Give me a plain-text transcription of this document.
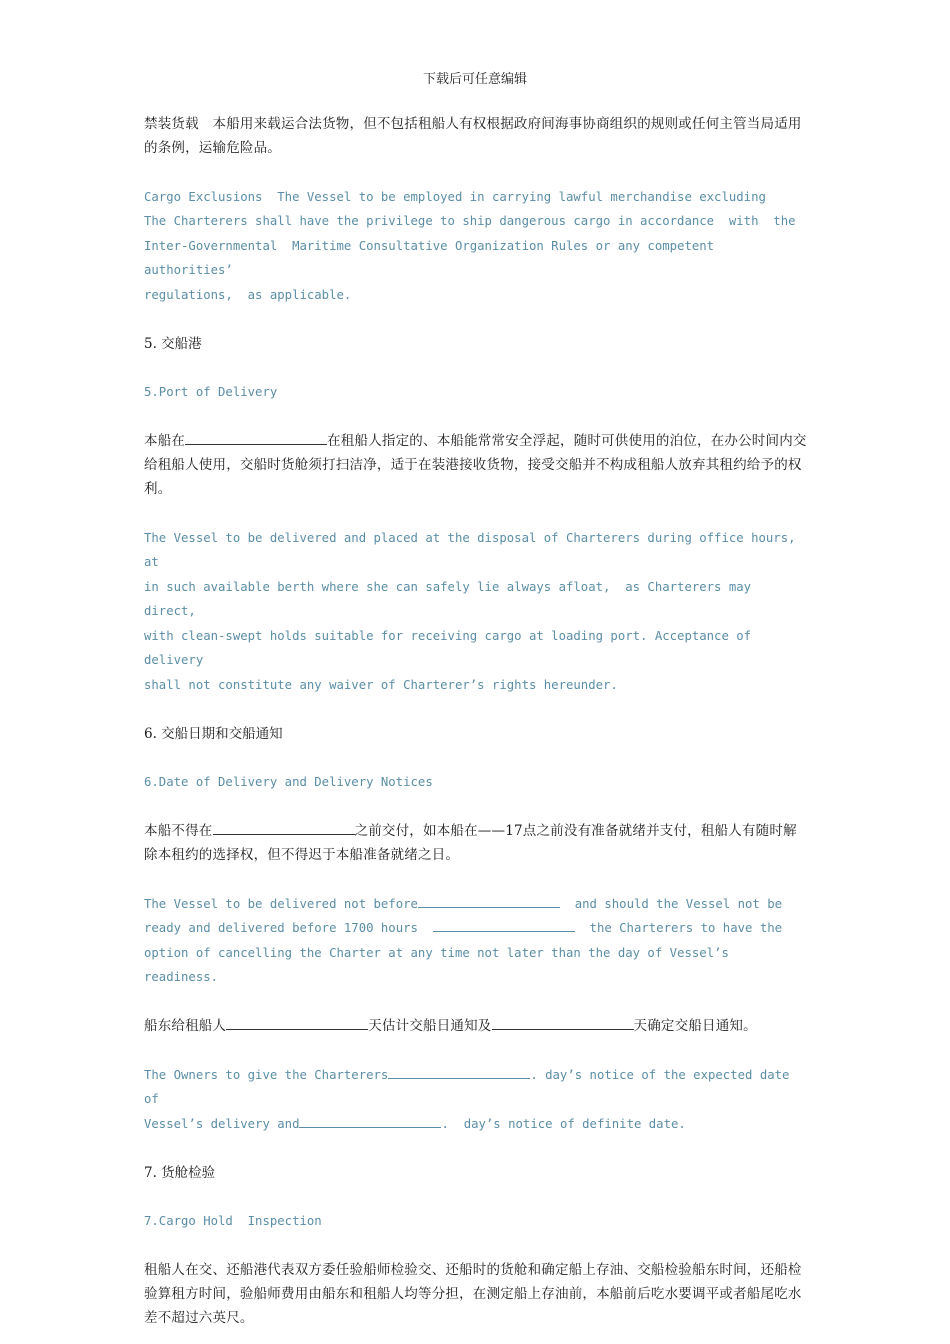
下载后可任意编辑

禁装货载　本船用来载运合法货物，但不包括租船人有权根据政府间海事协商组织的规则或任何主管当局适用的条例，运输危险品。

Cargo Exclusions  The Vessel to be employed in carrying lawful merchandise excluding

The Charterers shall have the privilege to ship dangerous cargo in accordance  with  the

Inter-Governmental  Maritime Consultative Organization Rules or any competent authorities’

regulations,  as applicable.

5. 交船港

5.Port of Delivery

本船在	在租船人指定的、本船能常常安全浮起，随时可供使用的泊位，在办公时间内交给租船人使用，交船时货舱须打扫洁净，适于在装港接收货物，接受交船并不构成租船人放弃其租约给予的权利。

The Vessel to be delivered and placed at the disposal of Charterers during office hours,  at

in such available berth where she can safely lie always afloat,  as Charterers may direct,

with clean-swept holds suitable for receiving cargo at loading port. Acceptance of delivery

shall not constitute any waiver of Charterer’s rights hereunder.

6. 交船日期和交船通知

6.Date of Delivery and Delivery Notices

本船不得在	之前交付，如本船在——17点之前没有准备就绪并支付，租船人有随时解除本租约的选择权，但不得迟于本船准备就绪之日。

The Vessel to be delivered not before	and should the Vessel not be

ready and delivered before 1700 hours	the Charterers to have the

option of cancelling the Charter at any time not later than the day of Vessel’s readiness.

船东给租船人	天估计交船日通知及	天确定交船日通知。

The Owners to give the Charterers	. day’s notice of the expected date of

Vessel’s delivery and	.  day’s notice of definite date.

7. 货舱检验

7.Cargo Hold  Inspection

租船人在交、还船港代表双方委任验船师检验交、还船时的货舱和确定船上存油、交船检验船东时间，还船检验算租方时间，验船师费用由船东和租船人均等分担，在测定船上存油前，本船前后吃水要调平或者船尾吃水差不超过六英尺。
